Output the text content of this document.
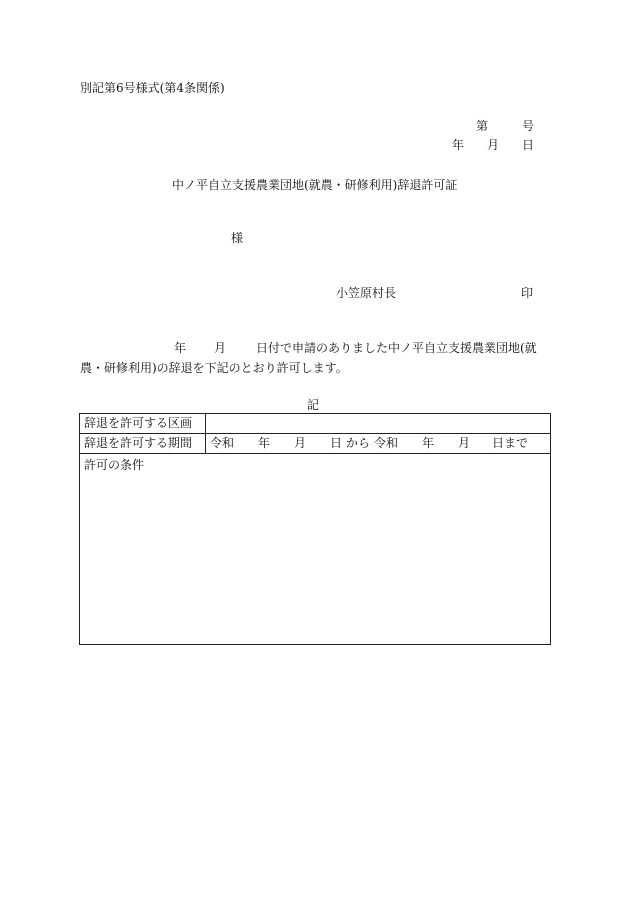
別記第6号様式(第4条関係)
第	号
年 月 日
中ノ平自立支援農業団地(就農・研修利用)辞退許可証
様
小笠原村長	印
年 月 日付で申請のありました中ノ平自立支援農業団地(就
農・研修利用)の辞退を下記のとおり許可します。
記
辞退を許可する区画
辞退を許可する期間	令和 年 月 日 から 令和 年 月 日まで
許可の条件
